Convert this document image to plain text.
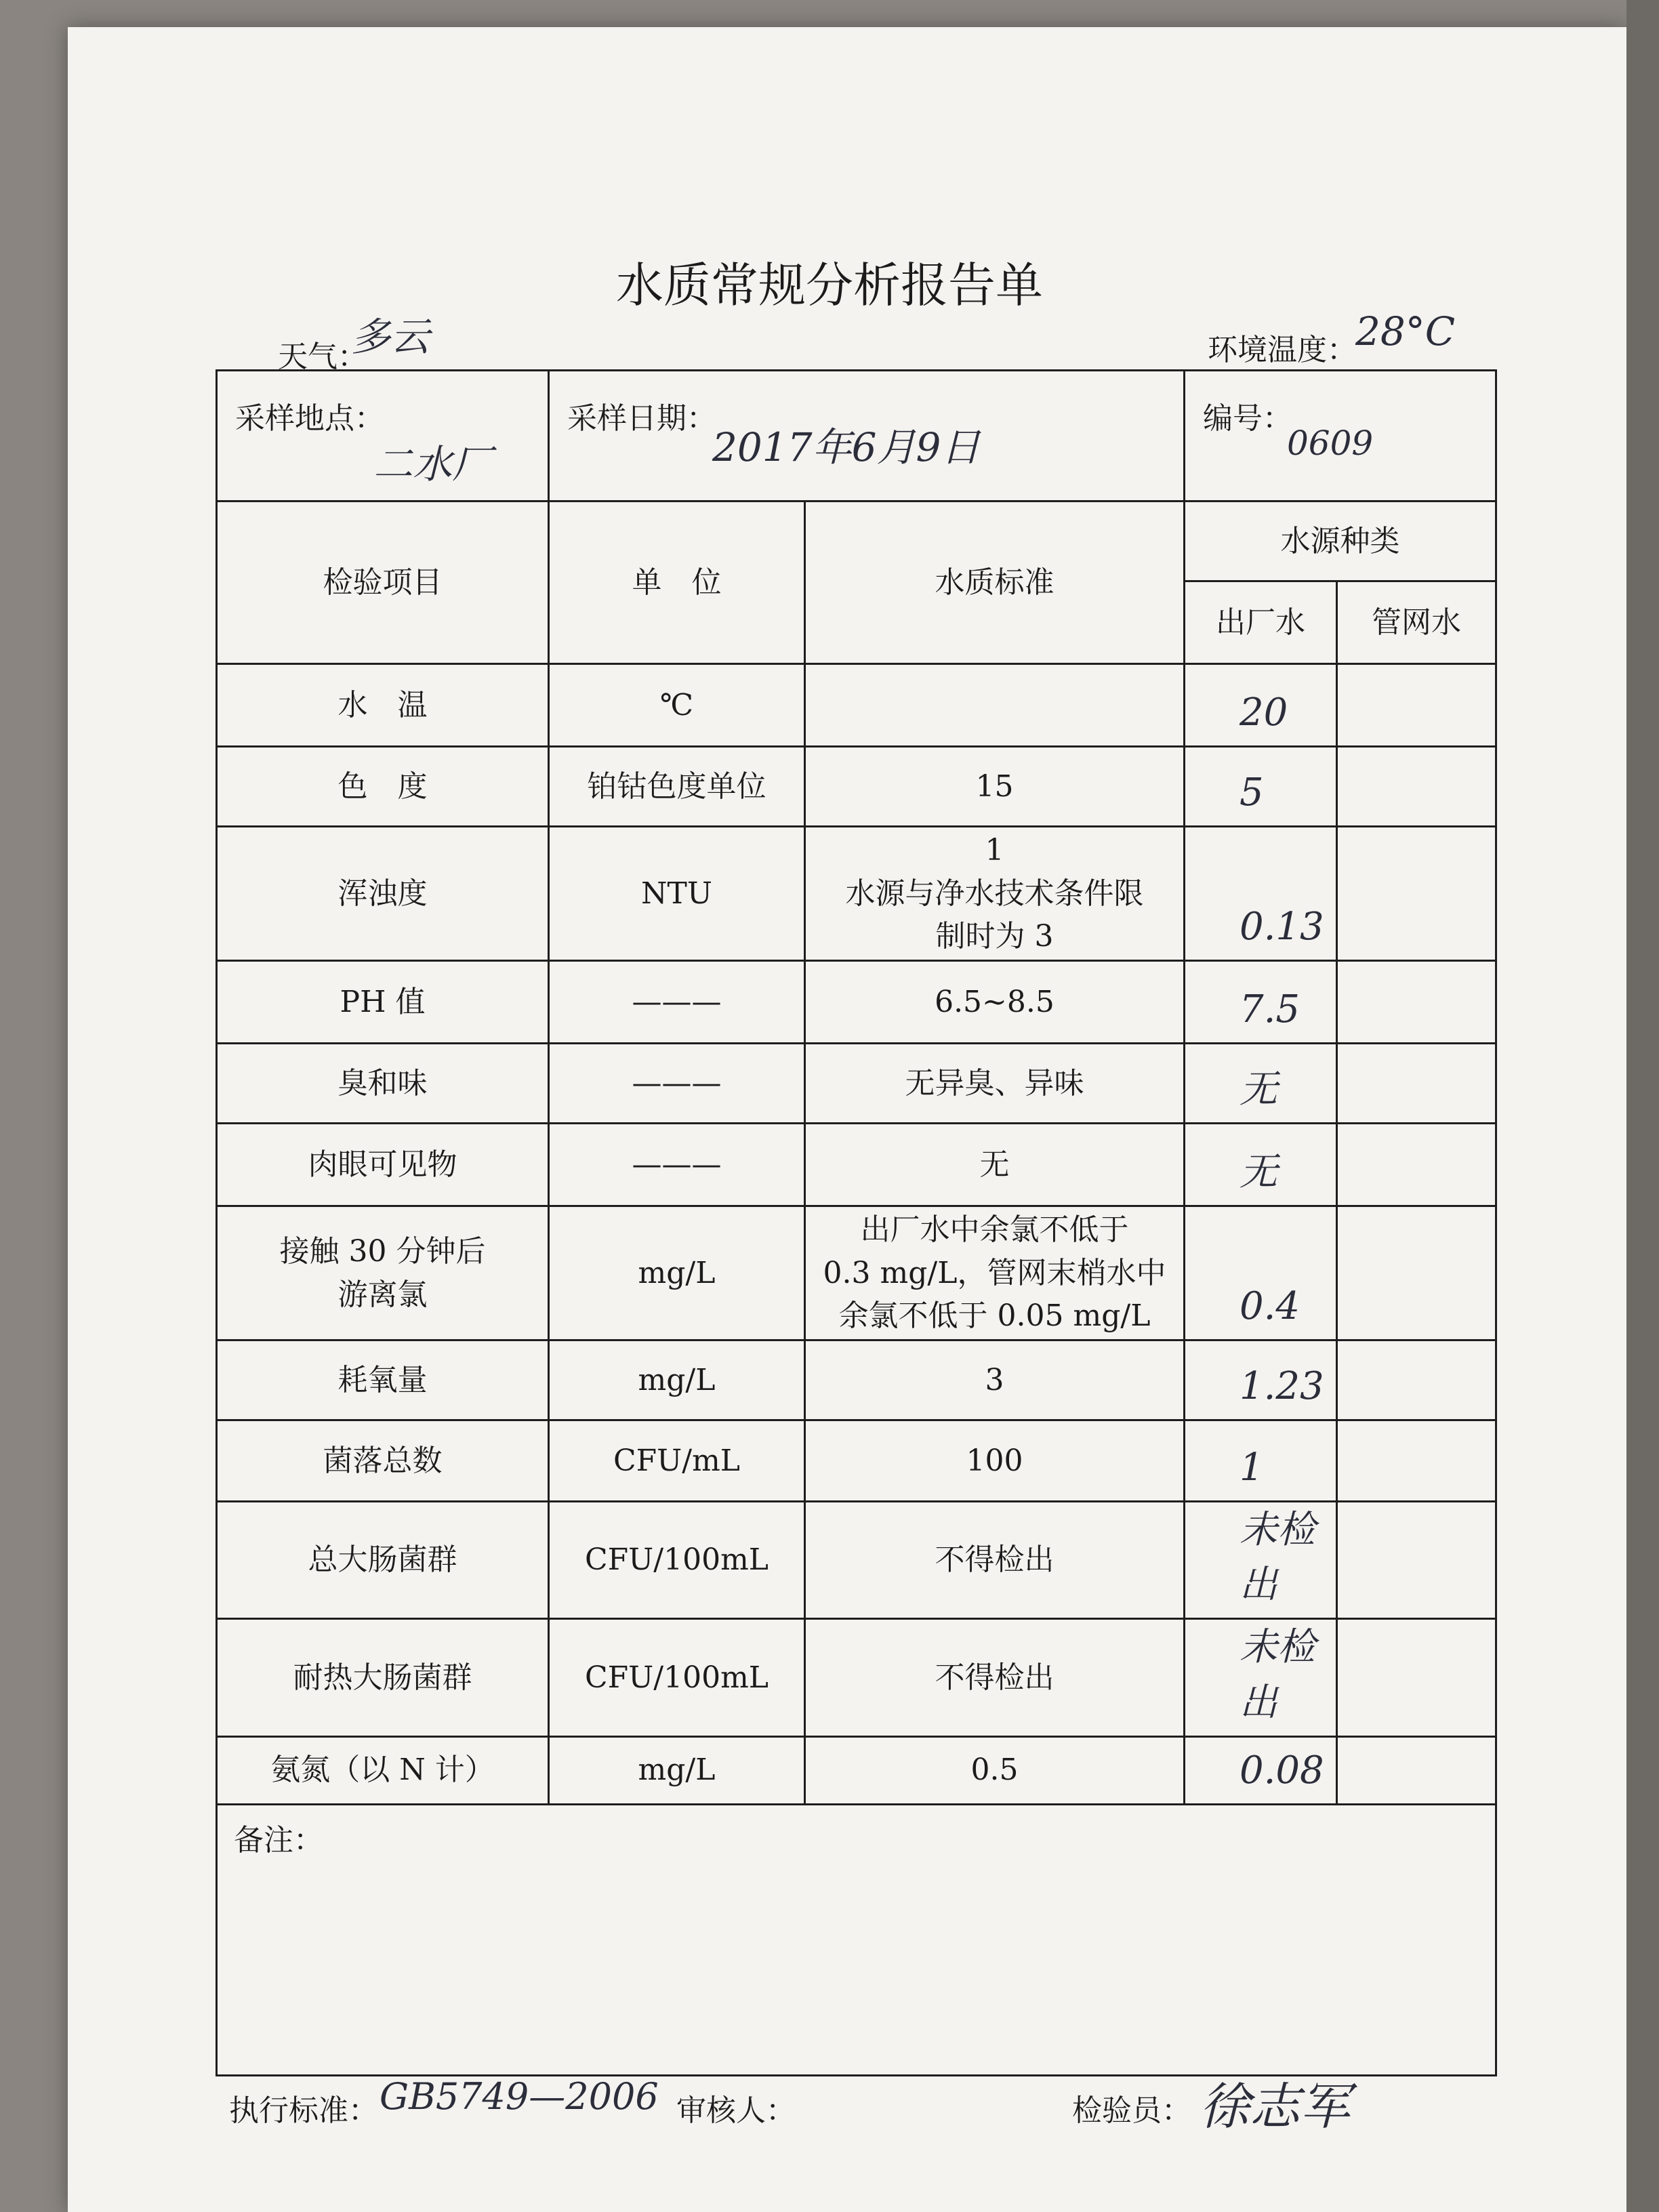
水质常规分析报告单
天气：
多云	环境温度：
28°C
采样地点：
二水厂	采样日期：
2017年6月9日		编号：
0609	

检验项目	单　位	水质标准	水源种类	
			出厂水	管网水
水　温	℃		20	
色　度	铂钴色度单位	15	5	
浑浊度	NTU	1
水源与净水技术条件限
制时为 3	0.13	
PH 值	———	6.5~8.5	7.5	
臭和味	———	无异臭、异味	无	
肉眼可见物	———	无	无	
接触 30 分钟后
游离氯	mg/L	出厂水中余氯不低于
0.3 mg/L，管网末梢水中
余氯不低于 0.05 mg/L	0.4	
耗氧量	mg/L	3	1.23	
菌落总数	CFU/mL	100	1	
总大肠菌群	CFU/100mL	不得检出	未检出	
耐热大肠菌群	CFU/100mL	不得检出	未检出	
氨氮（以 N 计）	mg/L	0.5	0.08	
备注：				
执行标准： GB5749—2006 审核人：	检验员： 徐志军
